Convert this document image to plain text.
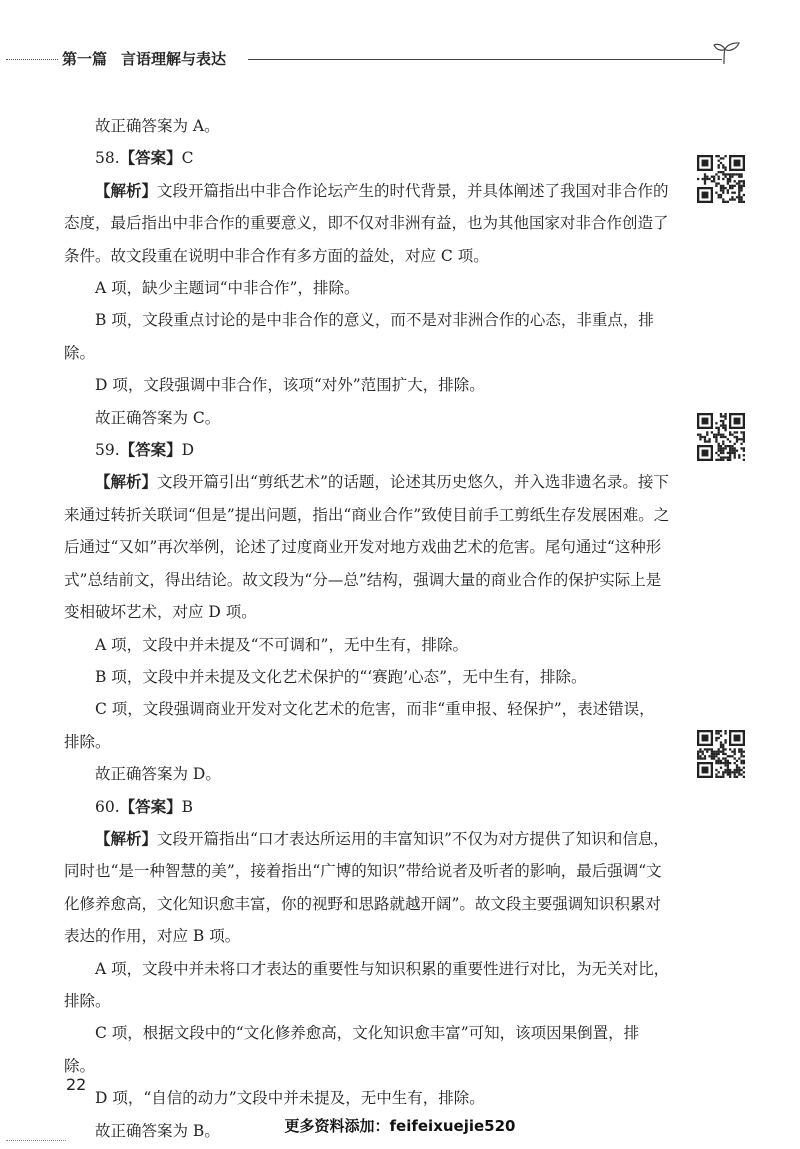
第一篇 言语理解与表达

故正确答案为 A。

58.【答案】C

【解析】文段开篇指出中非合作论坛产生的时代背景，并具体阐述了我国对非合作的态度，最后指出中非合作的重要意义，即不仅对非洲有益，也为其他国家对非合作创造了条件。故文段重在说明中非合作有多方面的益处，对应 C 项。

A 项，缺少主题词“中非合作”，排除。

B 项，文段重点讨论的是中非合作的意义，而不是对非洲合作的心态，非重点，排除。

D 项，文段强调中非合作，该项“对外”范围扩大，排除。

故正确答案为 C。

59.【答案】D

【解析】文段开篇引出“剪纸艺术”的话题，论述其历史悠久，并入选非遗名录。接下来通过转折关联词“但是”提出问题，指出“商业合作”致使目前手工剪纸生存发展困难。之后通过“又如”再次举例，论述了过度商业开发对地方戏曲艺术的危害。尾句通过“这种形式”总结前文，得出结论。故文段为“分—总”结构，强调大量的商业合作的保护实际上是变相破坏艺术，对应 D 项。

A 项，文段中并未提及“不可调和”，无中生有，排除。

B 项，文段中并未提及文化艺术保护的“‘赛跑’心态”，无中生有，排除。

C 项，文段强调商业开发对文化艺术的危害，而非“重申报、轻保护”，表述错误，排除。

故正确答案为 D。

60.【答案】B

【解析】文段开篇指出“口才表达所运用的丰富知识”不仅为对方提供了知识和信息，同时也“是一种智慧的美”，接着指出“广博的知识”带给说者及听者的影响，最后强调“文化修养愈高，文化知识愈丰富，你的视野和思路就越开阔”。故文段主要强调知识积累对表达的作用，对应 B 项。

A 项，文段中并未将口才表达的重要性与知识积累的重要性进行对比，为无关对比，排除。

C 项，根据文段中的“文化修养愈高，文化知识愈丰富”可知，该项因果倒置，排除。

D 项，“自信的动力”文段中并未提及，无中生有，排除。

故正确答案为 B。

22
更多资料添加：feifeixuejie520
